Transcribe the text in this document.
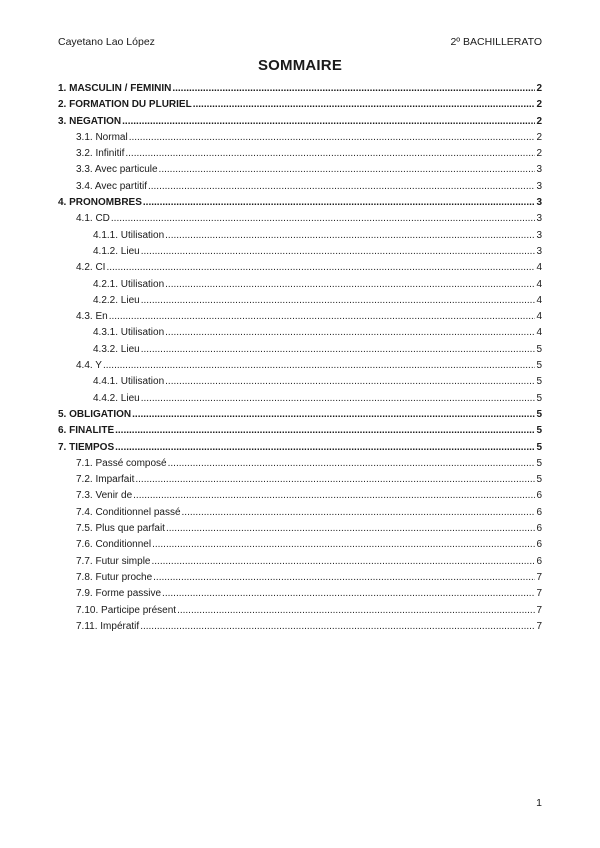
Cayetano Lao López	2º BACHILLERATO
SOMMAIRE
1. MASCULIN / FÉMININ .....	2
2. FORMATION DU PLURIEL .....	2
3. NÉGATION .....	2
3.1. Normal .....	2
3.2. Infinitif .....	2
3.3. Avec particule .....	3
3.4. Avec partitif .....	3
4. PRONOMBRES .....	3
4.1. CD .....	3
4.1.1. Utilisation .....	3
4.1.2. Lieu .....	3
4.2. CI .....	4
4.2.1. Utilisation .....	4
4.2.2. Lieu .....	4
4.3. En .....	4
4.3.1. Utilisation .....	4
4.3.2. Lieu .....	5
4.4. Y .....	5
4.4.1. Utilisation .....	5
4.4.2. Lieu .....	5
5. OBLIGATION .....	5
6. FINALITÉ .....	5
7. TIEMPOS .....	5
7.1. Passé composé .....	5
7.2. Imparfait .....	5
7.3. Venir de .....	6
7.4. Conditionnel passé .....	6
7.5. Plus que parfait .....	6
7.6. Conditionnel .....	6
7.7. Futur simple .....	6
7.8. Futur proche .....	7
7.9. Forme passive .....	7
7.10. Participe présent .....	7
7.11. Impératif .....	7
1
